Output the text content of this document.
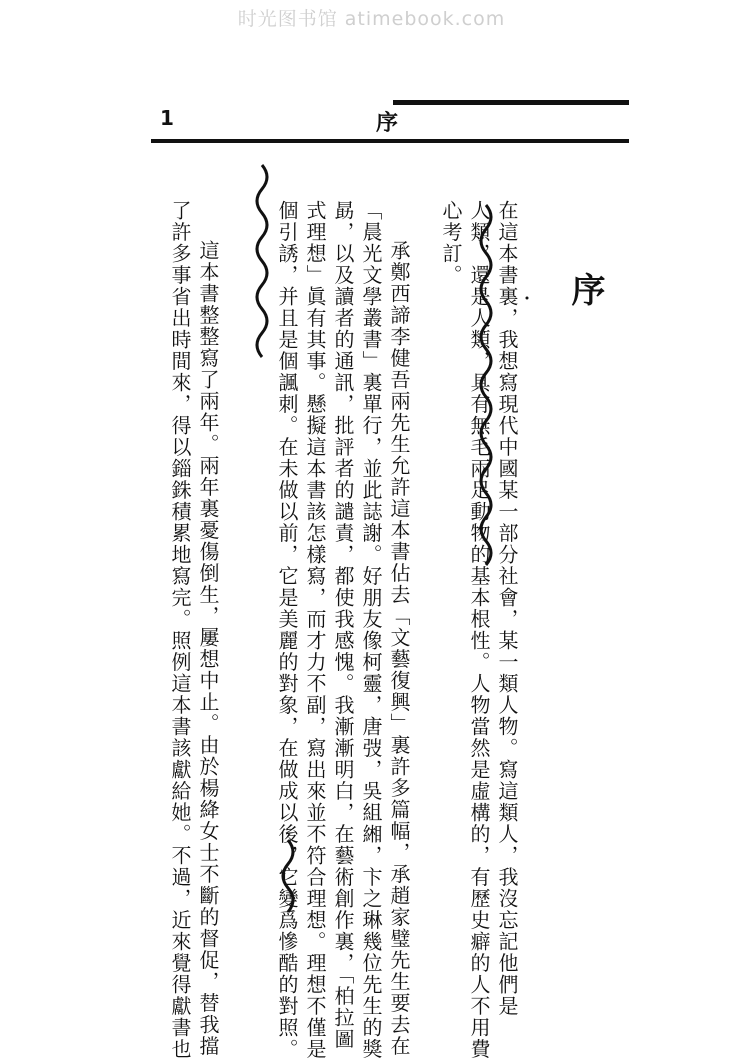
时光图书馆 atimebook.com
1	序
序
在這本書裏，我想寫現代中國某一部分社會，某一類人物。寫這類人，我沒忘記他們是
人類，還是人類，具有無毛兩足動物的基本根性。人物當然是虛構的，有歷史癖的人不用費
心考訂。
承鄭西諦李健吾兩先生允許這本書佔去「文藝復興」裏許多篇幅，承趙家璧先生要去在
「晨光文學叢書」裏單行，並此誌謝。好朋友像柯靈，唐弢，吳組緗，卞之琳幾位先生的獎
勗，以及讀者的通訊，批評者的譴責，都使我感愧。我漸漸明白，在藝術創作裏，「柏拉圖
式理想」眞有其事。懸擬這本書該怎樣寫，而才力不副，寫出來並不符合理想。理想不僅是
個引誘，并且是個諷刺。在未做以前，它是美麗的對象，在做成以後，它變爲慘酷的對照。
這本書整整寫了兩年。兩年裏憂傷倒生，屢想中止。由於楊絳女士不斷的督促，替我擋
了許多事省出時間來，得以錙銖積累地寫完。照例這本書該獻給她。不過，近來覺得獻書也
